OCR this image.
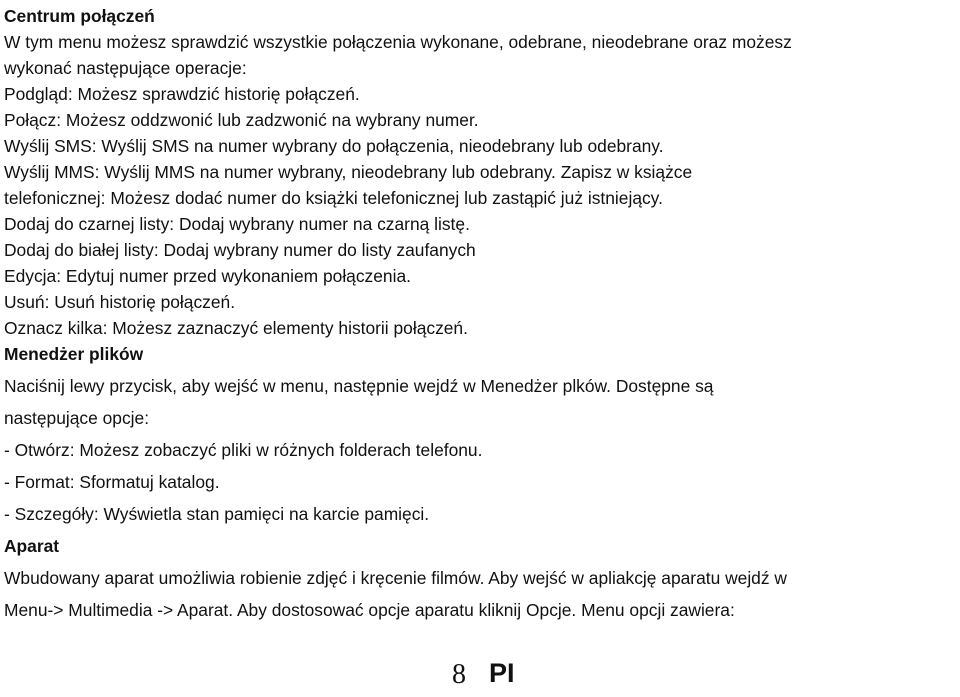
Centrum połączeń
W tym menu możesz sprawdzić wszystkie połączenia wykonane, odebrane, nieodebrane oraz możesz
wykonać następujące operacje:
Podgląd: Możesz sprawdzić historię połączeń.
Połącz: Możesz oddzwonić lub zadzwonić na wybrany numer.
Wyślij SMS: Wyślij SMS na numer wybrany do połączenia, nieodebrany lub odebrany.
Wyślij MMS: Wyślij MMS na numer wybrany, nieodebrany lub odebrany. Zapisz w książce
telefonicznej: Możesz dodać numer do książki telefonicznej lub zastąpić już istniejący.
Dodaj do czarnej listy: Dodaj wybrany numer na czarną listę.
Dodaj do białej listy: Dodaj wybrany numer do listy zaufanych
Edycja: Edytuj numer przed wykonaniem połączenia.
Usuń: Usuń historię połączeń.
Oznacz kilka: Możesz zaznaczyć elementy historii połączeń.
Menedżer plików
Naciśnij lewy przycisk, aby wejść w menu, następnie wejdź w Menedżer plków. Dostępne są
następujące opcje:
- Otwórz: Możesz zobaczyć pliki w różnych folderach telefonu.
- Format: Sformatuj katalog.
- Szczegóły: Wyświetla stan pamięci na karcie pamięci.
Aparat
Wbudowany aparat umożliwia robienie zdjęć i kręcenie filmów. Aby wejść w apliakcję aparatu wejdź w
Menu-> Multimedia -> Aparat. Aby dostosować opcje aparatu kliknij Opcje. Menu opcji zawiera:
8 PI
